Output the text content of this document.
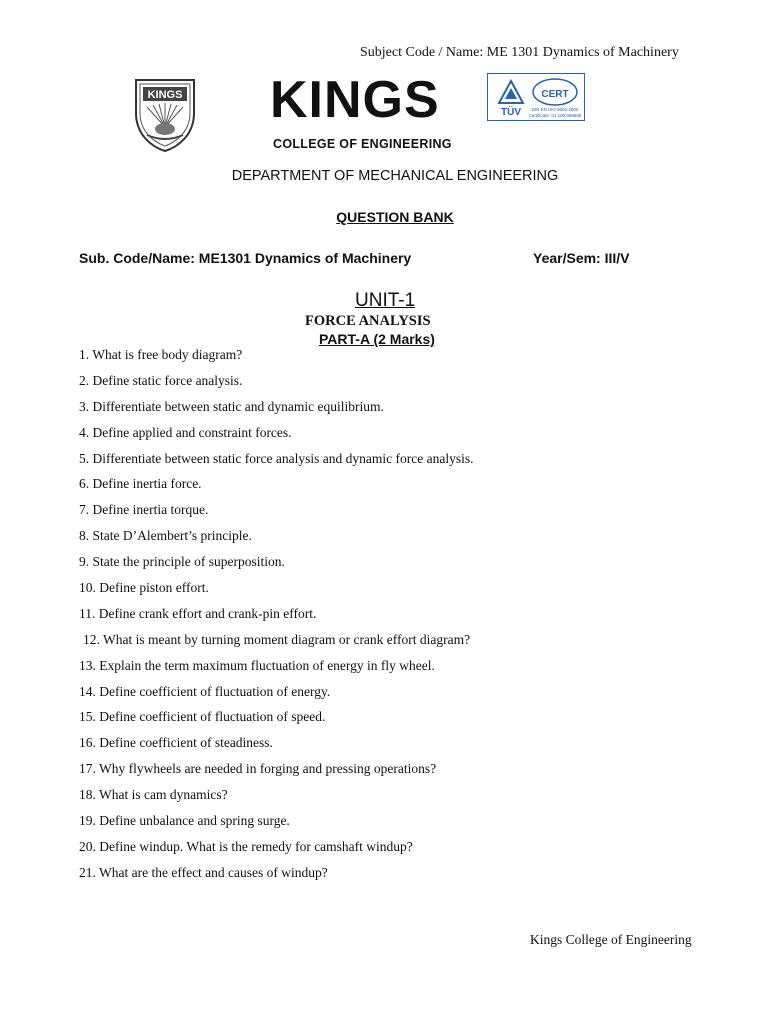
Subject Code / Name: ME 1301 Dynamics of Machinery
KINGS KINGS
COLLEGE OF ENGINEERING
TÜV
CERT
DIN EN ISO 9001:2000
Certificate: 01 100 058868
DEPARTMENT OF MECHANICAL ENGINEERING
QUESTION BANK
Sub. Code/Name: ME1301 Dynamics of Machinery	Year/Sem: III/V
UNIT-1
FORCE ANALYSIS
PART-A (2 Marks)
1. What is free body diagram?
2. Define static force analysis.
3. Differentiate between static and dynamic equilibrium.
4. Define applied and constraint forces.
5. Differentiate between static force analysis and dynamic force analysis.
6. Define inertia force.
7. Define inertia torque.
8. State D’Alembert’s principle.
9. State the principle of superposition.
10. Define piston effort.
11. Define crank effort and crank-pin effort.
12. What is meant by turning moment diagram or crank effort diagram?
13. Explain the term maximum fluctuation of energy in fly wheel.
14. Define coefficient of fluctuation of energy.
15. Define coefficient of fluctuation of speed.
16. Define coefficient of steadiness.
17. Why flywheels are needed in forging and pressing operations?
18. What is cam dynamics?
19. Define unbalance and spring surge.
20. Define windup. What is the remedy for camshaft windup?
21. What are the effect and causes of windup?
Kings College of Engineering
